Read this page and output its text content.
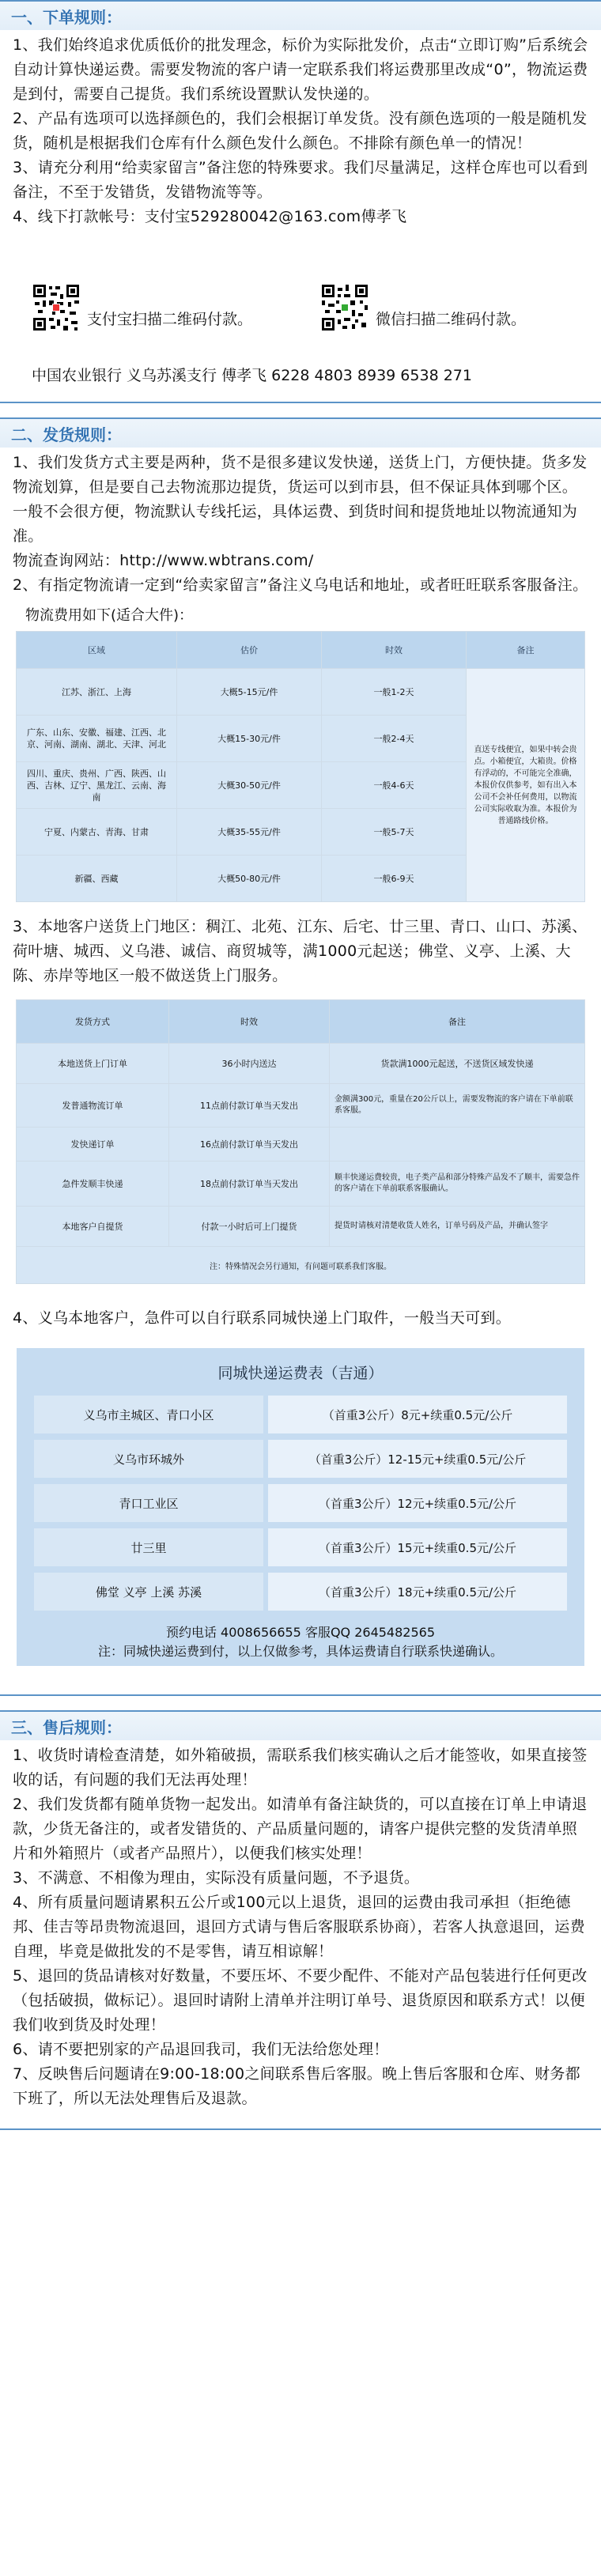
一、下单规则：

1、我们始终追求优质低价的批发理念，标价为实际批发价，点击“立即订购”后系统会自动计算快递运费。需要发物流的客户请一定联系我们将运费那里改成“0”，物流运费是到付，需要自己提货。我们系统设置默认发快递的。

2、产品有选项可以选择颜色的，我们会根据订单发货。没有颜色选项的一般是随机发货，随机是根据我们仓库有什么颜色发什么颜色。不排除有颜色单一的情况！

3、请充分利用“给卖家留言”备注您的特殊要求。我们尽量满足，这样仓库也可以看到备注，不至于发错货，发错物流等等。

4、线下打款帐号：支付宝529280042@163.com傅孝飞

支付宝扫描二维码付款。	微信扫描二维码付款。
中国农业银行 义乌苏溪支行 傅孝飞 6228 4803 8939 6538 271
二、发货规则：

1、我们发货方式主要是两种，货不是很多建议发快递，送货上门，方便快捷。货多发物流划算，但是要自己去物流那边提货，货运可以到市县，但不保证具体到哪个区。一般不会很方便，物流默认专线托运，具体运费、到货时间和提货地址以物流通知为准。

物流查询网站：http://www.wbtrans.com/

2、有指定物流请一定到“给卖家留言”备注义乌电话和地址，或者旺旺联系客服备注。

物流费用如下(适合大件)：
区域	估价	时效	备注
江苏、浙江、上海	大概5-15元/件	一般1-2天	直送专线便宜，如果中转会贵点。小箱便宜，大箱贵。价格有浮动的，不可能完全准确，本报价仅供参考，如有出入本公司不会补任何费用，以物流公司实际收取为准。本报价为普通路线价格。
广东、山东、安徽、福建、江西、北京、河南、湖南、湖北、天津、河北	大概15-30元/件	一般2-4天	
四川、重庆、贵州、广西、陕西、山西、吉林、辽宁、黑龙江、云南、海南	大概30-50元/件	一般4-6天	
宁夏、内蒙古、青海、甘肃	大概35-55元/件	一般5-7天	
新疆、西藏	大概50-80元/件	一般6-9天	

3、本地客户送货上门地区：稠江、北苑、江东、后宅、廿三里、青口、山口、苏溪、荷叶塘、城西、义乌港、诚信、商贸城等，满1000元起送；佛堂、义亭、上溪、大陈、赤岸等地区一般不做送货上门服务。

发货方式	时效	备注
本地送货上门订单	36小时内送达	货款满1000元起送，不送货区域发快递
发普通物流订单	11点前付款订单当天发出	金额满300元，重量在20公斤以上，需要发物流的客户请在下单前联系客服。
发快递订单	16点前付款订单当天发出	
急件发顺丰快递	18点前付款订单当天发出	顺丰快递运费较贵，电子类产品和部分特殊产品发不了顺丰，需要急件的客户请在下单前联系客服确认。
本地客户自提货	付款一小时后可上门提货	提货时请核对清楚收货人姓名，订单号码及产品，并确认签字
注：特殊情况会另行通知，有问题可联系我们客服。		

4、义乌本地客户，急件可以自行联系同城快递上门取件，一般当天可到。

同城快递运费表（吉通）
义乌市主城区、青口小区	（首重3公斤）8元+续重0.5元/公斤
义乌市环城外	（首重3公斤）12-15元+续重0.5元/公斤
青口工业区	（首重3公斤）12元+续重0.5元/公斤
廿三里	（首重3公斤）15元+续重0.5元/公斤
佛堂 义亭 上溪 苏溪	（首重3公斤）18元+续重0.5元/公斤
预约电话 4008656655 客服QQ 2645482565
注：同城快递运费到付，以上仅做参考，具体运费请自行联系快递确认。
三、售后规则：

1、收货时请检查清楚，如外箱破损，需联系我们核实确认之后才能签收，如果直接签收的话，有问题的我们无法再处理！

2、我们发货都有随单货物一起发出。如清单有备注缺货的，可以直接在订单上申请退款，少货无备注的，或者发错货的、产品质量问题的，请客户提供完整的发货清单照片和外箱照片（或者产品照片），以便我们核实处理！

3、不满意、不相像为理由，实际没有质量问题，不予退货。

4、所有质量问题请累积五公斤或100元以上退货，退回的运费由我司承担（拒绝德邦、佳吉等昂贵物流退回，退回方式请与售后客服联系协商），若客人执意退回，运费自理，毕竟是做批发的不是零售，请互相谅解！

5、退回的货品请核对好数量，不要压坏、不要少配件、不能对产品包装进行任何更改（包括破损，做标记）。退回时请附上清单并注明订单号、退货原因和联系方式！以便我们收到货及时处理！

6、请不要把别家的产品退回我司，我们无法给您处理！

7、反映售后问题请在9:00-18:00之间联系售后客服。晚上售后客服和仓库、财务都下班了，所以无法处理售后及退款。
